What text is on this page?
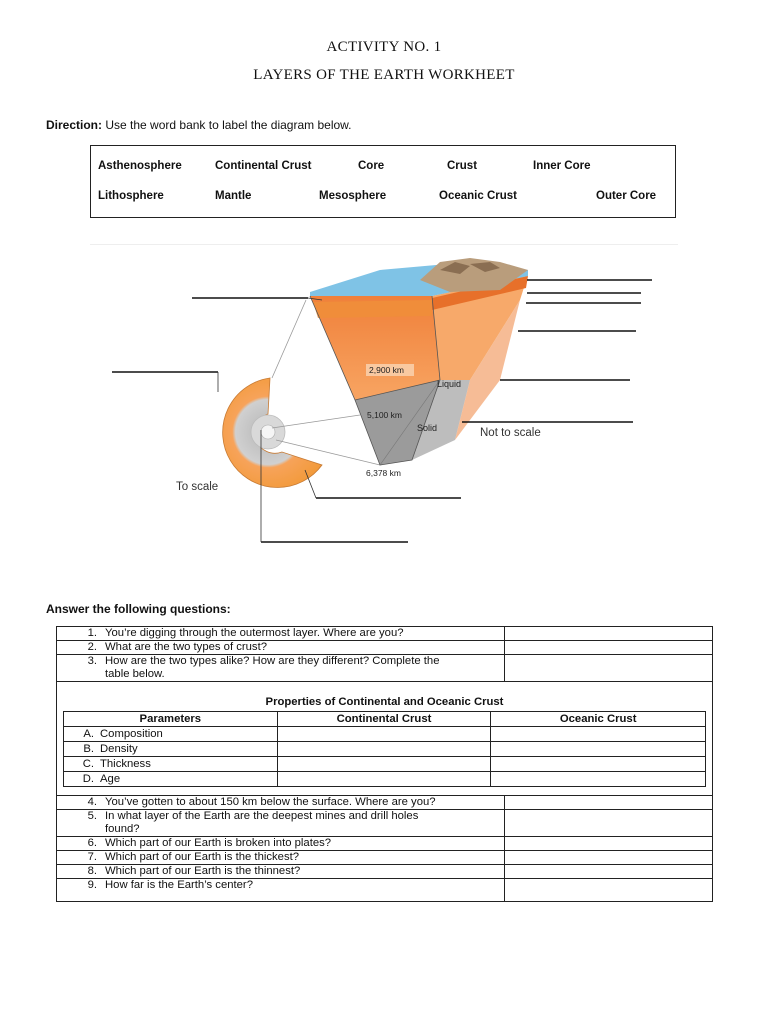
ACTIVITY NO. 1
LAYERS OF THE EARTH WORKHEET
Direction: Use the word bank to label the diagram below.
Asthenosphere	Continental Crust	Core	Crust	Inner Core
Lithosphere	Mantle	Mesosphere	Oceanic Crust	Outer Core
2,900 km
5,100 km
6,378 km
Liquid
Solid	Not to scale
To scale
Answer the following questions:
1. You’re digging through the outermost layer. Where are you?

2. What are the two types of crust?

3. How are the two types alike? How are they different? Complete the
table below.

Properties of Continental and Oceanic Crust
Parameters	Continental Crust	Oceanic Crust
A. Composition		
B. Density		
C. Thickness		
D. Age		

4. You’ve gotten to about 150 km below the surface. Where are you?

5. In what layer of the Earth are the deepest mines and drill holes
found?

6. Which part of our Earth is broken into plates?

7. Which part of our Earth is the thickest?

8. Which part of our Earth is the thinnest?

9. How far is the Earth’s center?
